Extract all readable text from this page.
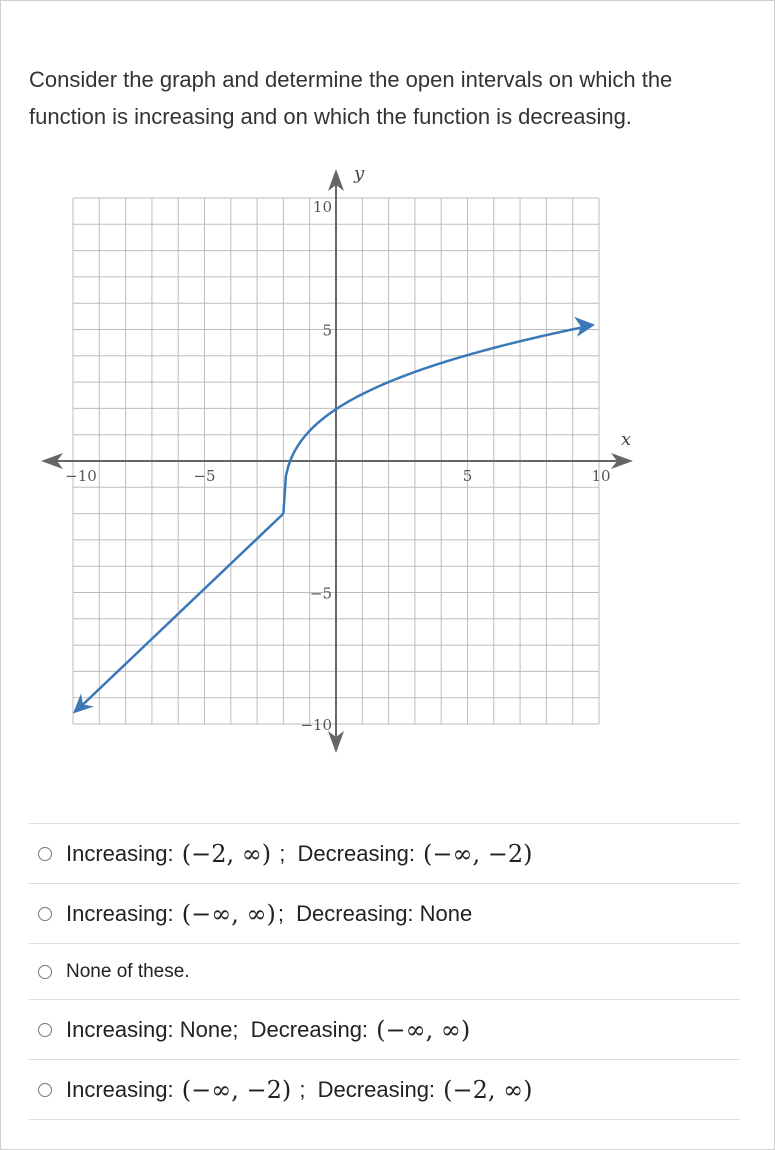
Consider the graph and determine the open intervals on which the
function is increasing and on which the function is decreasing.
−10	−5	5	10
10
5
−5
−10
x
y
Increasing: (−2, ∞) ;  Decreasing: (−∞, −2)
Increasing: (−∞, ∞) ;  Decreasing: None
None of these.
Increasing: None;  Decreasing: (−∞, ∞)
Increasing: (−∞, −2) ;  Decreasing: (−2, ∞)
